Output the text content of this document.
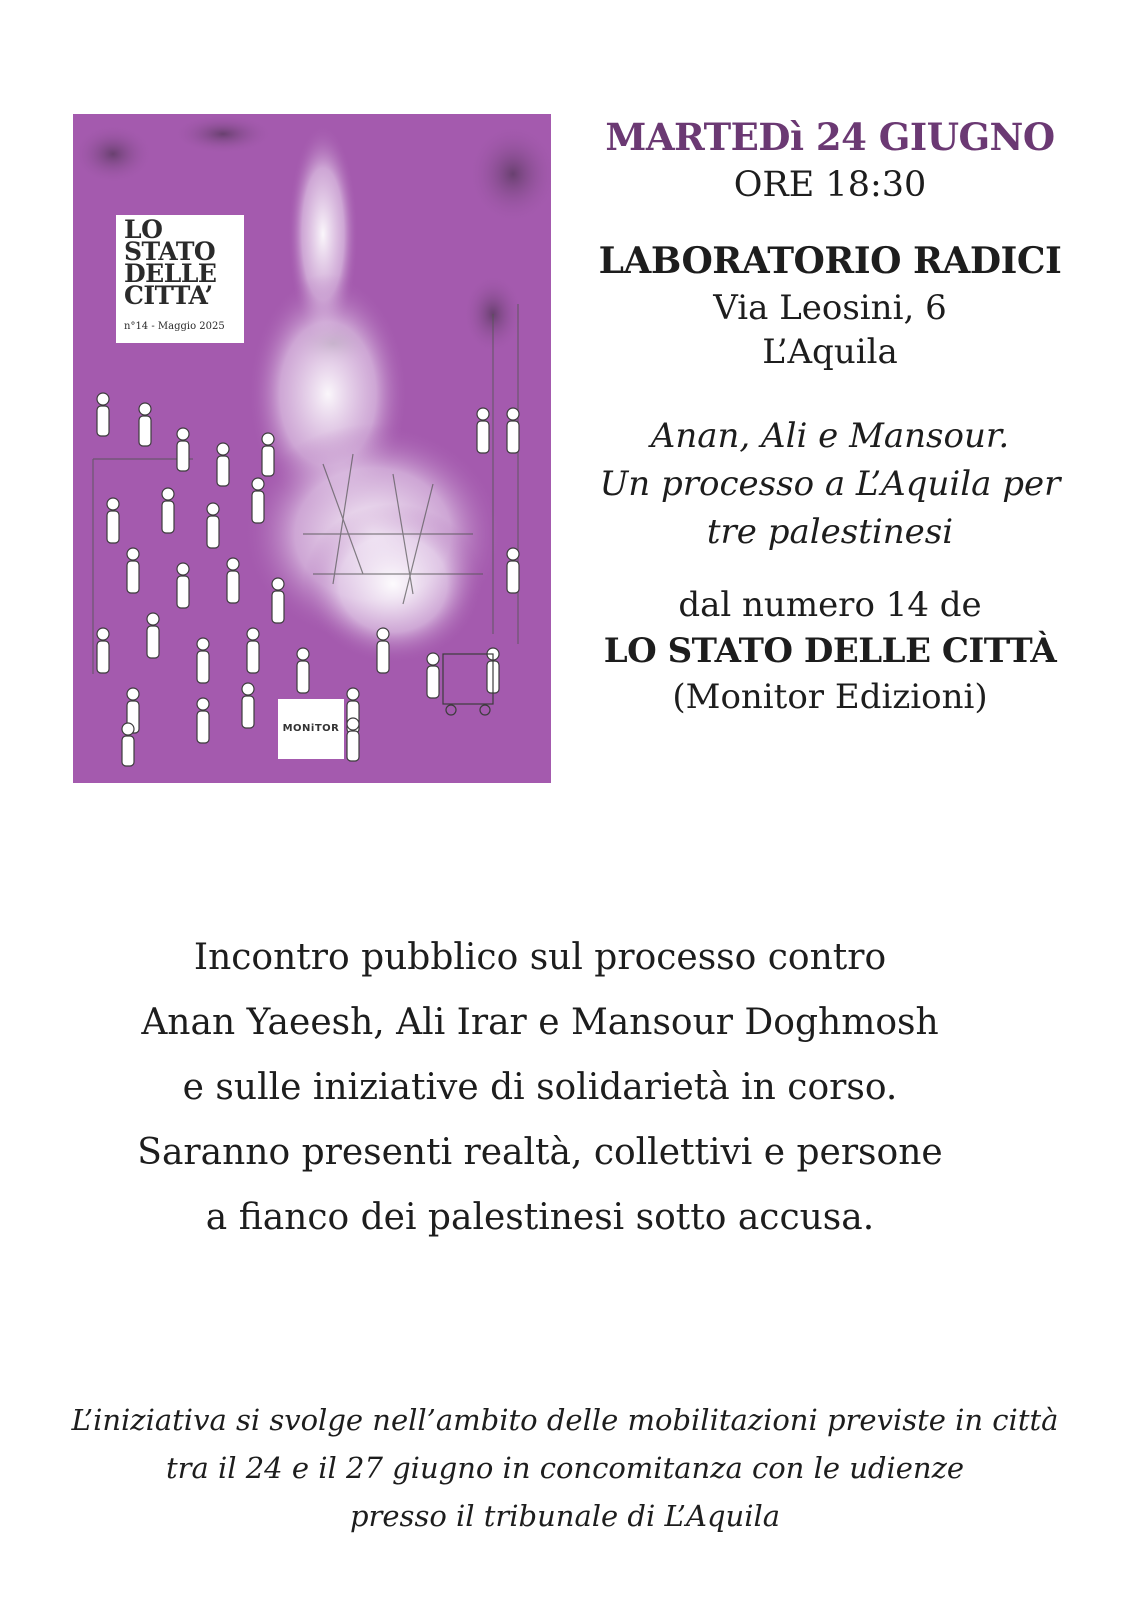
LO
STATO
DELLE
CITTA’
n°14 - Maggio 2025
MONiTOR
MARTEDì 24 GIUGNO
ORE 18:30
LABORATORIO RADICI
Via Leosini, 6
L’Aquila
Anan, Ali e Mansour.
Un processo a L’Aquila per
tre palestinesi
dal numero 14 de
LO STATO DELLE CITTÀ
(Monitor Edizioni)
Incontro pubblico sul processo contro
Anan Yaeesh, Ali Irar e Mansour Doghmosh
e sulle iniziative di solidarietà in corso.
Saranno presenti realtà, collettivi e persone
a fianco dei palestinesi sotto accusa.
L’iniziativa si svolge nell’ambito delle mobilitazioni previste in città
tra il 24 e il 27 giugno in concomitanza con le udienze
presso il tribunale di L’Aquila
